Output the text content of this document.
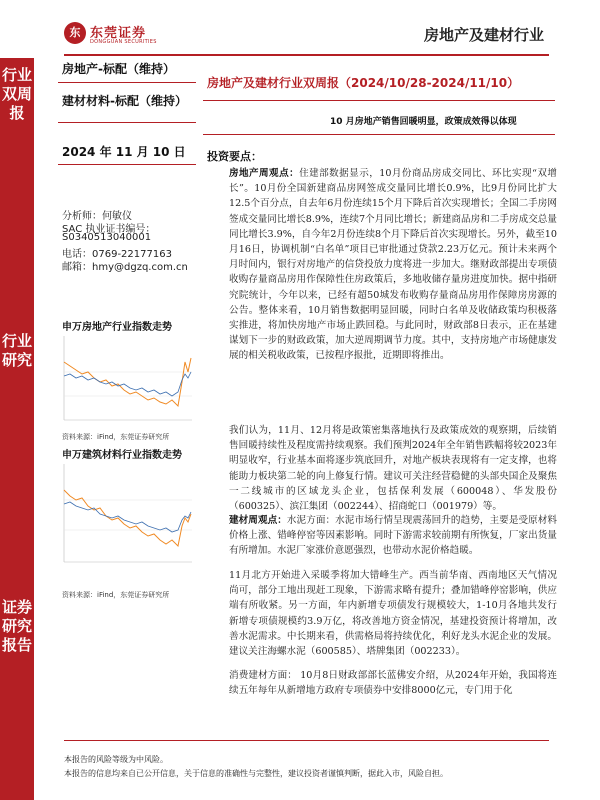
东 东莞证券
DONGGUAN SECURITIES	房地产及建材行业
行业双周报
行业研究
证券研究报告
房地产-标配（维持）
建材材料-标配（维持）
2024 年 11 月 10 日
分析师：何敏仪
SAC 执业证书编号：
S0340513040001
电话：0769-22177163
邮箱：hmy@dgzq.com.cn
申万房地产行业指数走势
资料来源：iFind，东莞证券研究所
申万建筑材料行业指数走势
资料来源：iFind，东莞证券研究所
房地产及建材行业双周报（2024/10/28-2024/11/10）
10 月房地产销售回暖明显，政策成效得以体现
投资要点：
房地产周观点：住建部数据显示，10月份商品房成交同比、环比实现“双增长”。10月份全国新建商品房网签成交量同比增长0.9%，比9月份同比扩大12.5个百分点，自去年6月份连续15个月下降后首次实现增长；全国二手房网签成交量同比增长8.9%，连续7个月同比增长；新建商品房和二手房成交总量同比增长3.9%，自今年2月份连续8个月下降后首次实现增长。另外，截至10月16日，协调机制“白名单”项目已审批通过贷款2.23万亿元。预计未来两个月时间内，银行对房地产的信贷投放力度将进一步加大。继财政部提出专项债收购存量商品房用作保障性住房政策后，多地收储存量房进度加快。据中指研究院统计，今年以来，已经有超50城发布收购存量商品房用作保障房房源的公告。整体来看，10月销售数据明显回暖，同时白名单及收储政策均积极落实推进，将加快房地产市场止跌回稳。与此同时，财政部8日表示，正在基建谋划下一步的财政政策，加大逆周期调节力度。其中，支持房地产市场健康发展的相关税收政策，已按程序报批，近期即将推出。
我们认为，11月、12月将是政策密集落地执行及政策成效的观察期，后续销售回暖持续性及程度需持续观察。我们预判2024年全年销售跌幅将较2023年明显收窄，行业基本面将逐步筑底回升，对地产板块表现将有一定支撑，也将能助力板块第二轮的向上修复行情。建议可关注经营稳健的头部央国企及聚焦一二线城市的区域龙头企业，包括保利发展（600048）、华发股份（600325）、滨江集团（002244）、招商蛇口（001979）等。
建材周观点：水泥方面：水泥市场行情呈现震荡回升的趋势，主要是受原材料价格上涨、错峰停窑等因素影响。同时下游需求较前期有所恢复，厂家出货量有所增加。水泥厂家涨价意愿强烈，也带动水泥价格趋暖。
11月北方开始进入采暖季将加大错峰生产。西当前华南、西南地区天气情况尚可，部分工地出现赶工现象，下游需求略有提升；叠加错峰停窑影响，供应端有所收紧。另一方面，年内新增专项债发行规模较大，1-10月各地共发行新增专项债规模约3.9万亿，将改善地方资金情况，基建投资预计将增加，改善水泥需求。中长期来看，供需格局将持续优化，利好龙头水泥企业的发展。建议关注海螺水泥（600585）、塔牌集团（002233）。
消费建材方面： 10月8日财政部部长蓝佛安介绍，从2024年开始，我国将连续五年每年从新增地方政府专项债券中安排8000亿元，专门用于化
本报告的风险等级为中风险。
本报告的信息均来自已公开信息，关于信息的准确性与完整性，建议投资者谨慎判断，据此入市，风险自担。
